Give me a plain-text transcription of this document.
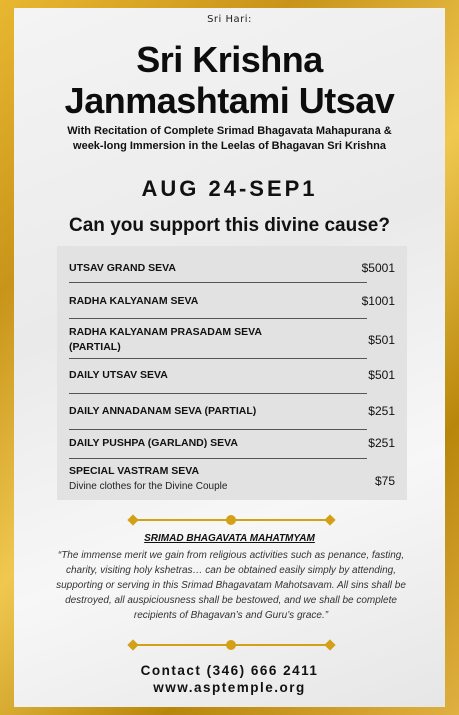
Sri Hari:
Sri Krishna
Janmashtami Utsav
With Recitation of Complete Srimad Bhagavata Mahapurana &
week-long Immersion in the Leelas of Bhagavan Sri Krishna
AUG 24-SEP1
Can you support this divine cause?
UTSAV GRAND SEVA	$5001
RADHA KALYANAM SEVA	$1001
RADHA KALYANAM PRASADAM SEVA (PARTIAL)	$501
DAILY UTSAV SEVA	$501
DAILY ANNADANAM SEVA (PARTIAL)	$251
DAILY PUSHPA (GARLAND) SEVA	$251
SPECIAL VASTRAM SEVA
Divine clothes for the Divine Couple	$75
SRIMAD BHAGAVATA MAHATMYAM
“The immense merit we gain from religious activities such as penance, fasting, charity, visiting holy kshetras… can be obtained easily simply by attending, supporting or serving in this Srimad Bhagavatam Mahotsavam. All sins shall be destroyed, all auspiciousness shall be bestowed, and we shall be complete recipients of Bhagavan’s and Guru’s grace.”
Contact (346) 666 2411
www.asptemple.org
